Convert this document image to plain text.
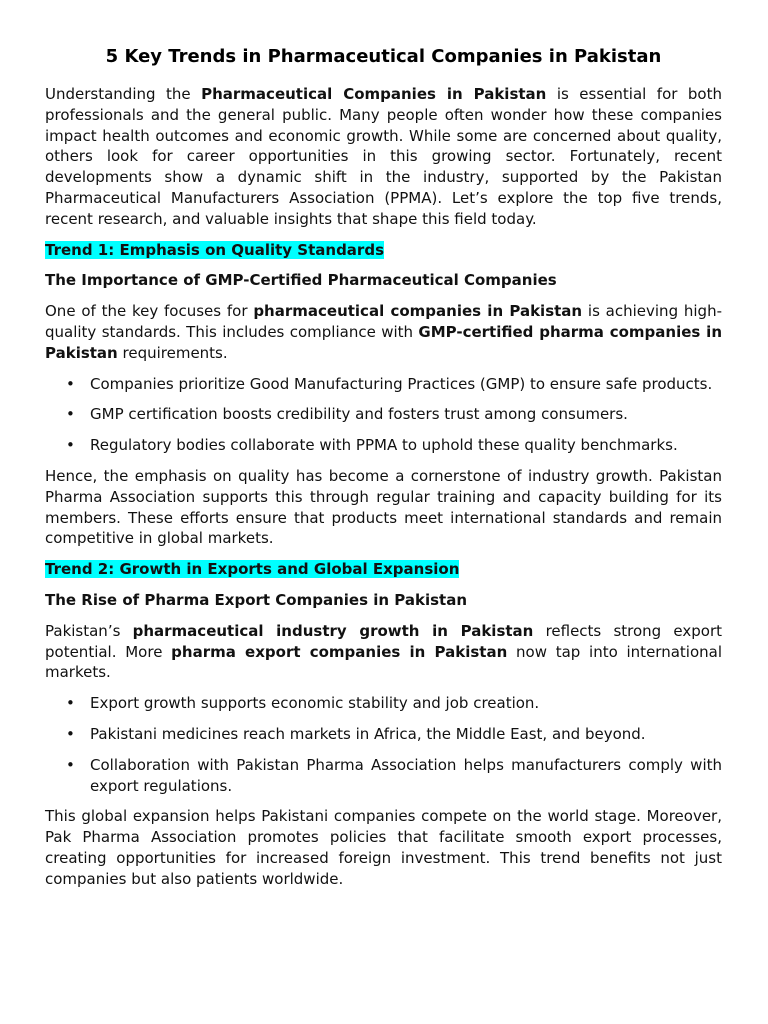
5 Key Trends in Pharmaceutical Companies in Pakistan

Understanding the Pharmaceutical Companies in Pakistan is essential for both professionals and the general public. Many people often wonder how these companies impact health outcomes and economic growth. While some are concerned about quality, others look for career opportunities in this growing sector. Fortunately, recent developments show a dynamic shift in the industry, supported by the Pakistan Pharmaceutical Manufacturers Association (PPMA). Let’s explore the top five trends, recent research, and valuable insights that shape this field today.

Trend 1: Emphasis on Quality Standards
The Importance of GMP-Certified Pharmaceutical Companies

One of the key focuses for pharmaceutical companies in Pakistan is achieving high-quality standards. This includes compliance with GMP-certified pharma companies in Pakistan requirements.

• Companies prioritize Good Manufacturing Practices (GMP) to ensure safe products.
• GMP certification boosts credibility and fosters trust among consumers.
• Regulatory bodies collaborate with PPMA to uphold these quality benchmarks.

Hence, the emphasis on quality has become a cornerstone of industry growth. Pakistan Pharma Association supports this through regular training and capacity building for its members. These efforts ensure that products meet international standards and remain competitive in global markets.

Trend 2: Growth in Exports and Global Expansion
The Rise of Pharma Export Companies in Pakistan

Pakistan’s pharmaceutical industry growth in Pakistan reflects strong export potential. More pharma export companies in Pakistan now tap into international markets.

• Export growth supports economic stability and job creation.
• Pakistani medicines reach markets in Africa, the Middle East, and beyond.
• Collaboration with Pakistan Pharma Association helps manufacturers comply with export regulations.

This global expansion helps Pakistani companies compete on the world stage. Moreover, Pak Pharma Association promotes policies that facilitate smooth export processes, creating opportunities for increased foreign investment. This trend benefits not just companies but also patients worldwide.
